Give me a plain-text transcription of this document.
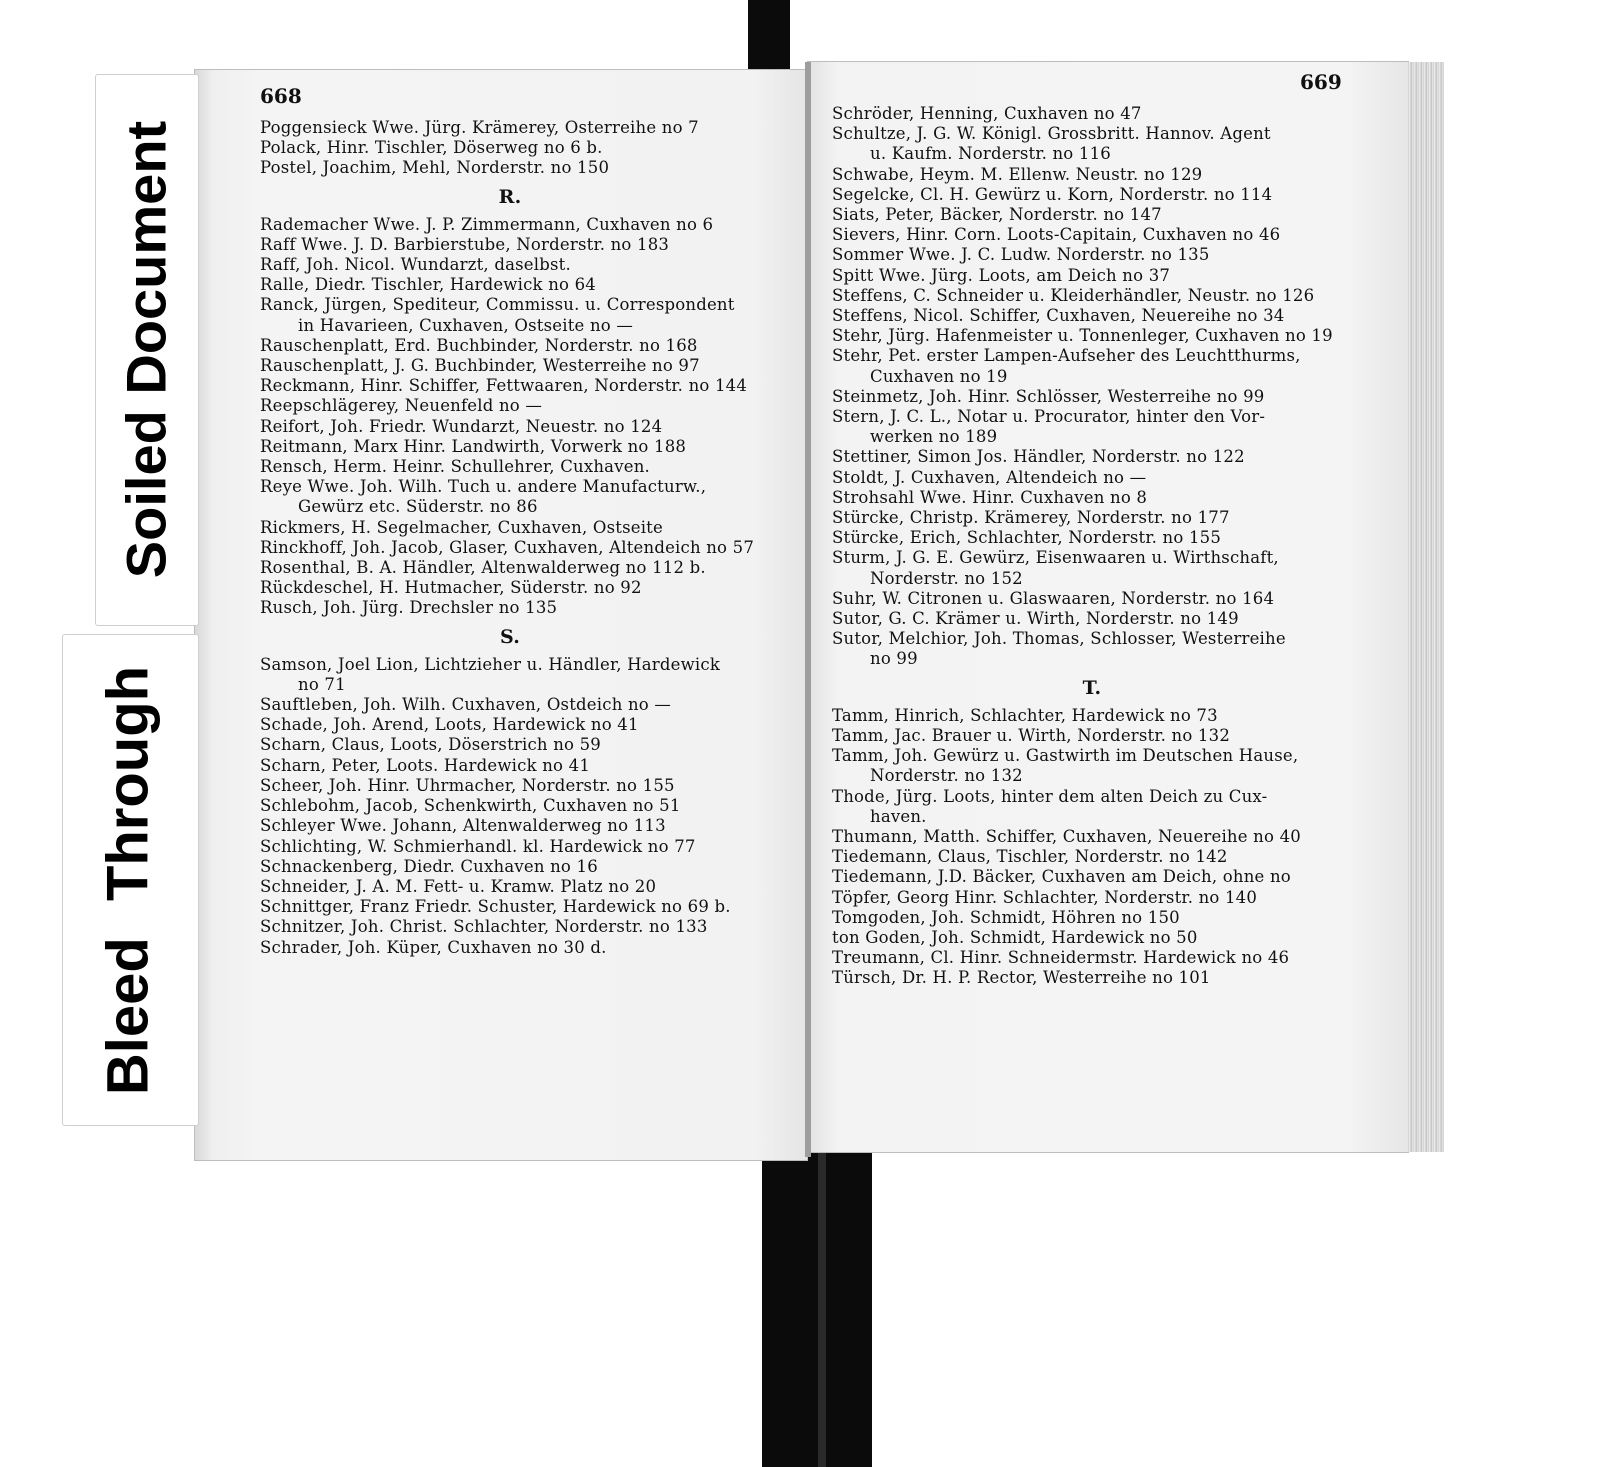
Soiled Document
Bleed Through
668
669
Poggensieck Wwe. Jürg. Krämerey, Osterreihe no 7
Polack, Hinr. Tischler, Döserweg no 6 b.
Postel, Joachim, Mehl, Norderstr. no 150
R.
Rademacher Wwe. J. P. Zimmermann, Cuxhaven no 6
Raff Wwe. J. D. Barbierstube, Norderstr. no 183
Raff, Joh. Nicol. Wundarzt, daselbst.
Ralle, Diedr. Tischler, Hardewick no 64
Ranck, Jürgen, Spediteur, Commissu. u. Correspondent
in Havarieen, Cuxhaven, Ostseite no —
Rauschenplatt, Erd. Buchbinder, Norderstr. no 168
Rauschenplatt, J. G. Buchbinder, Westerreihe no 97
Reckmann, Hinr. Schiffer, Fettwaaren, Norderstr. no 144
Reepschlägerey, Neuenfeld no —
Reifort, Joh. Friedr. Wundarzt, Neuestr. no 124
Reitmann, Marx Hinr. Landwirth, Vorwerk no 188
Rensch, Herm. Heinr. Schullehrer, Cuxhaven.
Reye Wwe. Joh. Wilh. Tuch u. andere Manufacturw.,
Gewürz etc. Süderstr. no 86
Rickmers, H. Segelmacher, Cuxhaven, Ostseite
Rinckhoff, Joh. Jacob, Glaser, Cuxhaven, Altendeich no 57
Rosenthal, B. A. Händler, Altenwalderweg no 112 b.
Rückdeschel, H. Hutmacher, Süderstr. no 92
Rusch, Joh. Jürg. Drechsler no 135
S.
Samson, Joel Lion, Lichtzieher u. Händler, Hardewick
no 71
Sauftleben, Joh. Wilh. Cuxhaven, Ostdeich no —
Schade, Joh. Arend, Loots, Hardewick no 41
Scharn, Claus, Loots, Döserstrich no 59
Scharn, Peter, Loots. Hardewick no 41
Scheer, Joh. Hinr. Uhrmacher, Norderstr. no 155
Schlebohm, Jacob, Schenkwirth, Cuxhaven no 51
Schleyer Wwe. Johann, Altenwalderweg no 113
Schlichting, W. Schmierhandl. kl. Hardewick no 77
Schnackenberg, Diedr. Cuxhaven no 16
Schneider, J. A. M. Fett- u. Kramw. Platz no 20
Schnittger, Franz Friedr. Schuster, Hardewick no 69 b.
Schnitzer, Joh. Christ. Schlachter, Norderstr. no 133
Schrader, Joh. Küper, Cuxhaven no 30 d.
Schröder, Henning, Cuxhaven no 47
Schultze, J. G. W. Königl. Grossbritt. Hannov. Agent
u. Kaufm. Norderstr. no 116
Schwabe, Heym. M. Ellenw. Neustr. no 129
Segelcke, Cl. H. Gewürz u. Korn, Norderstr. no 114
Siats, Peter, Bäcker, Norderstr. no 147
Sievers, Hinr. Corn. Loots-Capitain, Cuxhaven no 46
Sommer Wwe. J. C. Ludw. Norderstr. no 135
Spitt Wwe. Jürg. Loots, am Deich no 37
Steffens, C. Schneider u. Kleiderhändler, Neustr. no 126
Steffens, Nicol. Schiffer, Cuxhaven, Neuereihe no 34
Stehr, Jürg. Hafenmeister u. Tonnenleger, Cuxhaven no 19
Stehr, Pet. erster Lampen-Aufseher des Leuchtthurms,
Cuxhaven no 19
Steinmetz, Joh. Hinr. Schlösser, Westerreihe no 99
Stern, J. C. L., Notar u. Procurator, hinter den Vor-
werken no 189
Stettiner, Simon Jos. Händler, Norderstr. no 122
Stoldt, J. Cuxhaven, Altendeich no —
Strohsahl Wwe. Hinr. Cuxhaven no 8
Stürcke, Christp. Krämerey, Norderstr. no 177
Stürcke, Erich, Schlachter, Norderstr. no 155
Sturm, J. G. E. Gewürz, Eisenwaaren u. Wirthschaft,
Norderstr. no 152
Suhr, W. Citronen u. Glaswaaren, Norderstr. no 164
Sutor, G. C. Krämer u. Wirth, Norderstr. no 149
Sutor, Melchior, Joh. Thomas, Schlosser, Westerreihe
no 99
T.
Tamm, Hinrich, Schlachter, Hardewick no 73
Tamm, Jac. Brauer u. Wirth, Norderstr. no 132
Tamm, Joh. Gewürz u. Gastwirth im Deutschen Hause,
Norderstr. no 132
Thode, Jürg. Loots, hinter dem alten Deich zu Cux-
haven.
Thumann, Matth. Schiffer, Cuxhaven, Neuereihe no 40
Tiedemann, Claus, Tischler, Norderstr. no 142
Tiedemann, J.D. Bäcker, Cuxhaven am Deich, ohne no
Töpfer, Georg Hinr. Schlachter, Norderstr. no 140
Tomgoden, Joh. Schmidt, Höhren no 150
ton Goden, Joh. Schmidt, Hardewick no 50
Treumann, Cl. Hinr. Schneidermstr. Hardewick no 46
Türsch, Dr. H. P. Rector, Westerreihe no 101
